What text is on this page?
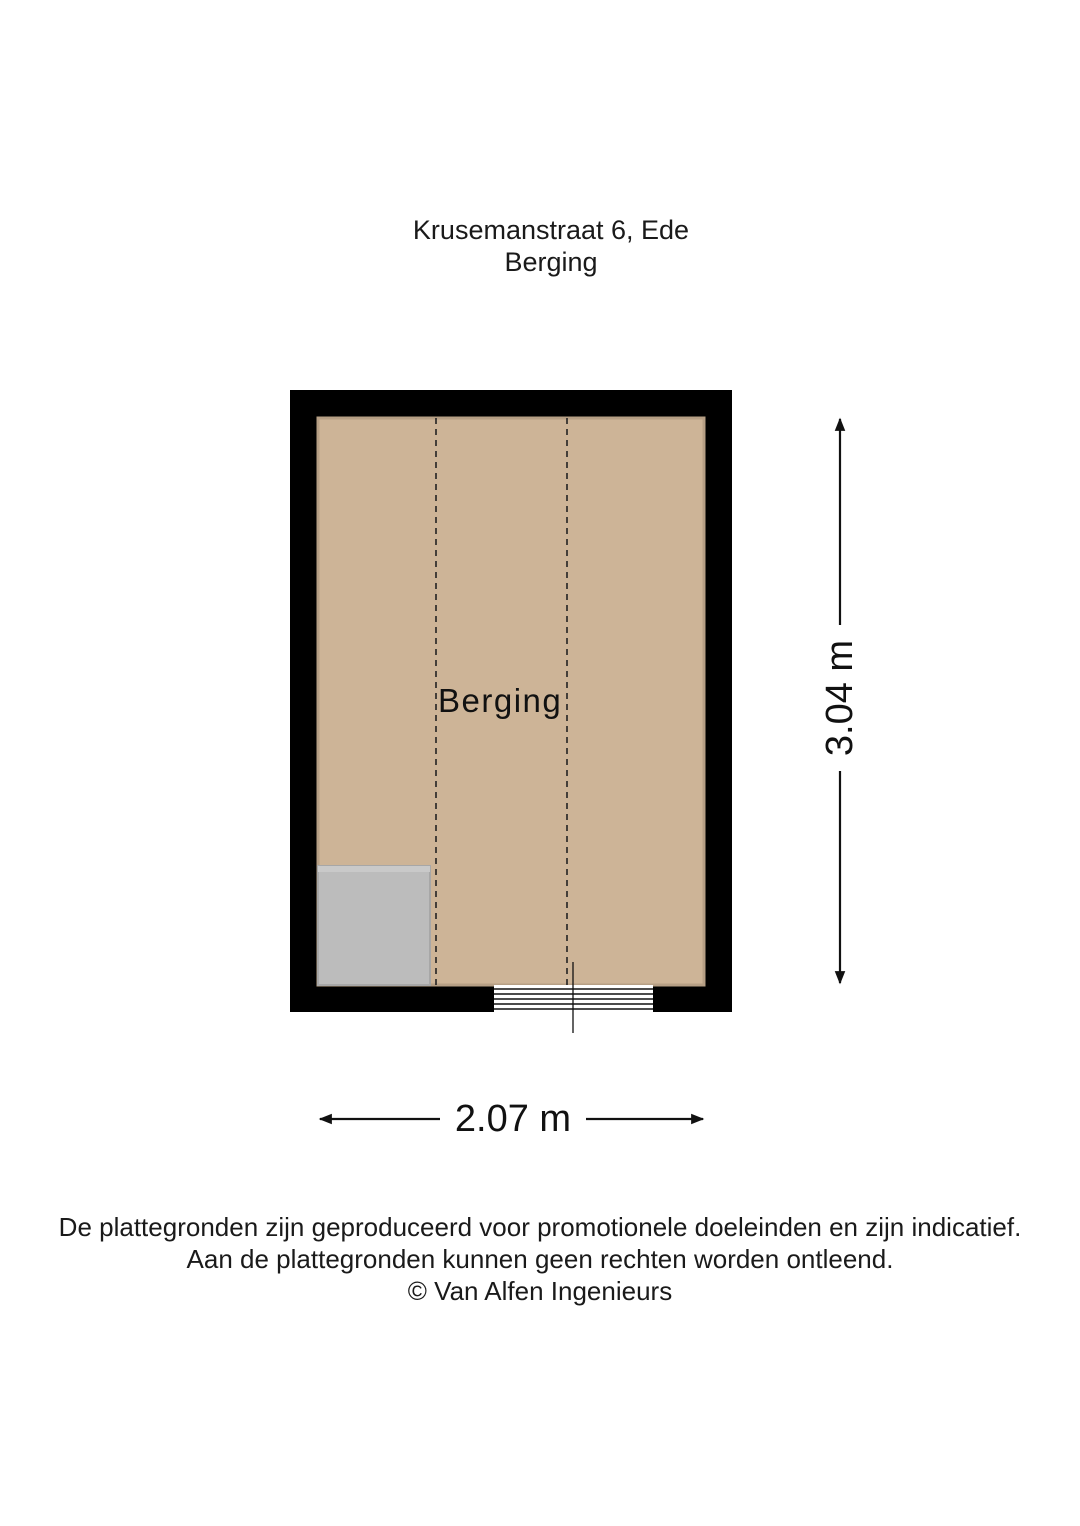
Krusemanstraat 6, Ede
Berging
Berging
2.07 m
3.04 m
De plattegronden zijn geproduceerd voor promotionele doeleinden en zijn indicatief.
Aan de plattegronden kunnen geen rechten worden ontleend.
© Van Alfen Ingenieurs
